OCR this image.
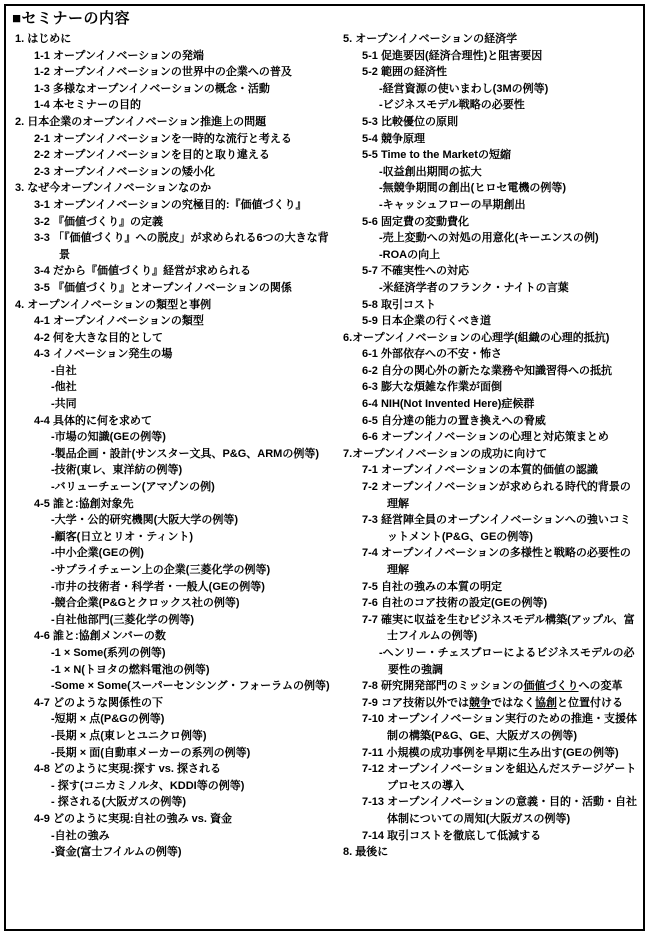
■セミナーの内容
1. はじめに
1-1 オープンイノベーションの発端
1-2 オープンイノベーションの世界中の企業への普及
1-3 多様なオープンイノベーションの概念・活動
1-4 本セミナーの目的
2. 日本企業のオープンイノベーション推進上の問題
2-1 オープンイノベーションを一時的な流行と考える
2-2 オープンイノベーションを目的と取り違える
2-3 オープンイノベーションの矮小化
3. なぜ今オープンイノベーションなのか
3-1 オープンイノベーションの究極目的:『価値づくり』
3-2 『価値づくり』の定義
3-3 「『価値づくり』への脱皮」が求められる6つの大きな背景
3-4 だから『価値づくり』経営が求められる
3-5 『価値づくり』とオープンイノベーションの関係
4. オープンイノベーションの類型と事例
4-1 オープンイノベーションの類型
4-2 何を大きな目的として
4-3 イノベーション発生の場
-自社
-他社
-共同
4-4 具体的に何を求めて
-市場の知識(GEの例等)
-製品企画・設計(サンスター文具、P&G、ARMの例等)
-技術(東レ、東洋紡の例等)
-バリューチェーン(アマゾンの例)
4-5 誰と:協創対象先
-大学・公的研究機関(大阪大学の例等)
-顧客(日立とリオ・ティント)
-中小企業(GEの例)
-サプライチェーン上の企業(三菱化学の例等)
-市井の技術者・科学者・一般人(GEの例等)
-競合企業(P&Gとクロックス社の例等)
-自社他部門(三菱化学の例等)
4-6 誰と:協創メンバーの数
-1 × Some(系列の例等)
-1 × N(トヨタの燃料電池の例等)
-Some × Some(スーパーセンシング・フォーラムの例等)
4-7 どのような関係性の下
-短期 × 点(P&Gの例等)
-長期 × 点(東レとユニクロ例等)
-長期 × 面(自動車メーカーの系列の例等)
4-8 どのように実現:探す vs. 探される
- 探す(コニカミノルタ、KDDI等の例等)
- 探される(大阪ガスの例等)
4-9 どのように実現:自社の強み vs. 資金
-自社の強み
-資金(富士フイルムの例等)
5. オープンイノベーションの経済学
5-1 促進要因(経済合理性)と阻害要因
5-2 範囲の経済性
-経営資源の使いまわし(3Mの例等)
-ビジネスモデル戦略の必要性
5-3 比較優位の原則
5-4 競争原理
5-5 Time to the Marketの短縮
-収益創出期間の拡大
-無競争期間の創出(ヒロセ電機の例等)
-キャッシュフローの早期創出
5-6 固定費の変動費化
-売上変動への対処の用意化(キーエンスの例)
-ROAの向上
5-7 不確実性への対応
-米経済学者のフランク・ナイトの言葉
5-8 取引コスト
5-9 日本企業の行くべき道
6.オープンイノベーションの心理学(組織の心理的抵抗)
6-1 外部依存への不安・怖さ
6-2 自分の関心外の新たな業務や知識習得への抵抗
6-3 膨大な煩雑な作業が面倒
6-4 NIH(Not Invented Here)症候群
6-5 自分達の能力の置き換えへの脅威
6-6 オープンイノベーションの心理と対応策まとめ
7.オープンイノベーションの成功に向けて
7-1 オープンイノベーションの本質的価値の認識
7-2 オープンイノベーションが求められる時代的背景の理解
7-3 経営陣全員のオープンイノベーションへの強いコミットメント(P&G、GEの例等)
7-4 オープンイノベーションの多様性と戦略の必要性の理解
7-5 自社の強みの本質の明定
7-6 自社のコア技術の設定(GEの例等)
7-7 確実に収益を生むビジネスモデル構築(アップル、富士フイルムの例等)
-ヘンリー・チェスブローによるビジネスモデルの必要性の強調
7-8 研究開発部門のミッションの価値づくりへの変革
7-9 コア技術以外では競争ではなく協創と位置付ける
7-10 オープンイノベーション実行のための推進・支援体制の構築(P&G、GE、大阪ガスの例等)
7-11 小規模の成功事例を早期に生み出す(GEの例等)
7-12 オープンイノベーションを組込んだステージゲートプロセスの導入
7-13 オープンイノベーションの意義・目的・活動・自社体制についての周知(大阪ガスの例等)
7-14 取引コストを徹底して低減する
8. 最後に
